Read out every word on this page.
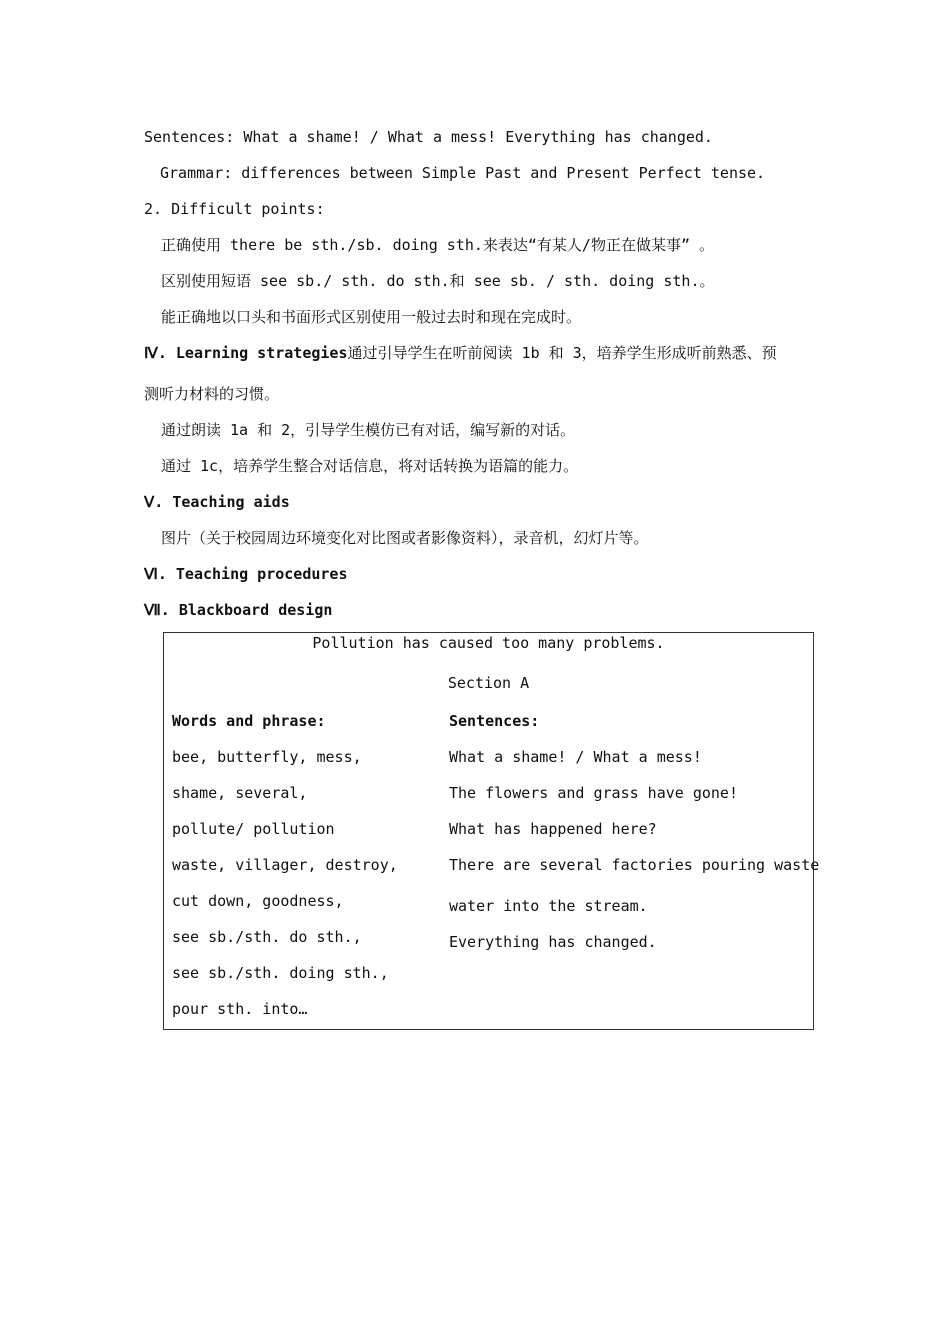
Sentences: What a shame! / What a mess! Everything has changed.
Grammar: differences between Simple Past and Present Perfect tense.
2. Difficult points:
正确使用 there be sth./sb. doing sth.来表达“有某人/物正在做某事” 。
区别使用短语 see sb./ sth. do sth.和 see sb. / sth. doing sth.。
能正确地以口头和书面形式区别使用一般过去时和现在完成时。
Ⅳ. Learning strategies通过引导学生在听前阅读 1b 和 3，培养学生形成听前熟悉、预
测听力材料的习惯。
通过朗读 1a 和 2，引导学生模仿已有对话，编写新的对话。
通过 1c，培养学生整合对话信息，将对话转换为语篇的能力。
Ⅴ. Teaching aids
图片（关于校园周边环境变化对比图或者影像资料），录音机，幻灯片等。
Ⅵ. Teaching procedures
Ⅶ. Blackboard design
Pollution has caused too many problems.
Section A
Words and phrase:
bee, butterfly, mess,
shame, several,
pollute/ pollution
waste, villager, destroy,
cut down, goodness,
see sb./sth. do sth.,
see sb./sth. doing sth.,
pour sth. into…
Sentences:
What a shame! / What a mess!
The flowers and grass have gone!
What has happened here?
There are several factories pouring waste
water into the stream.
Everything has changed.
